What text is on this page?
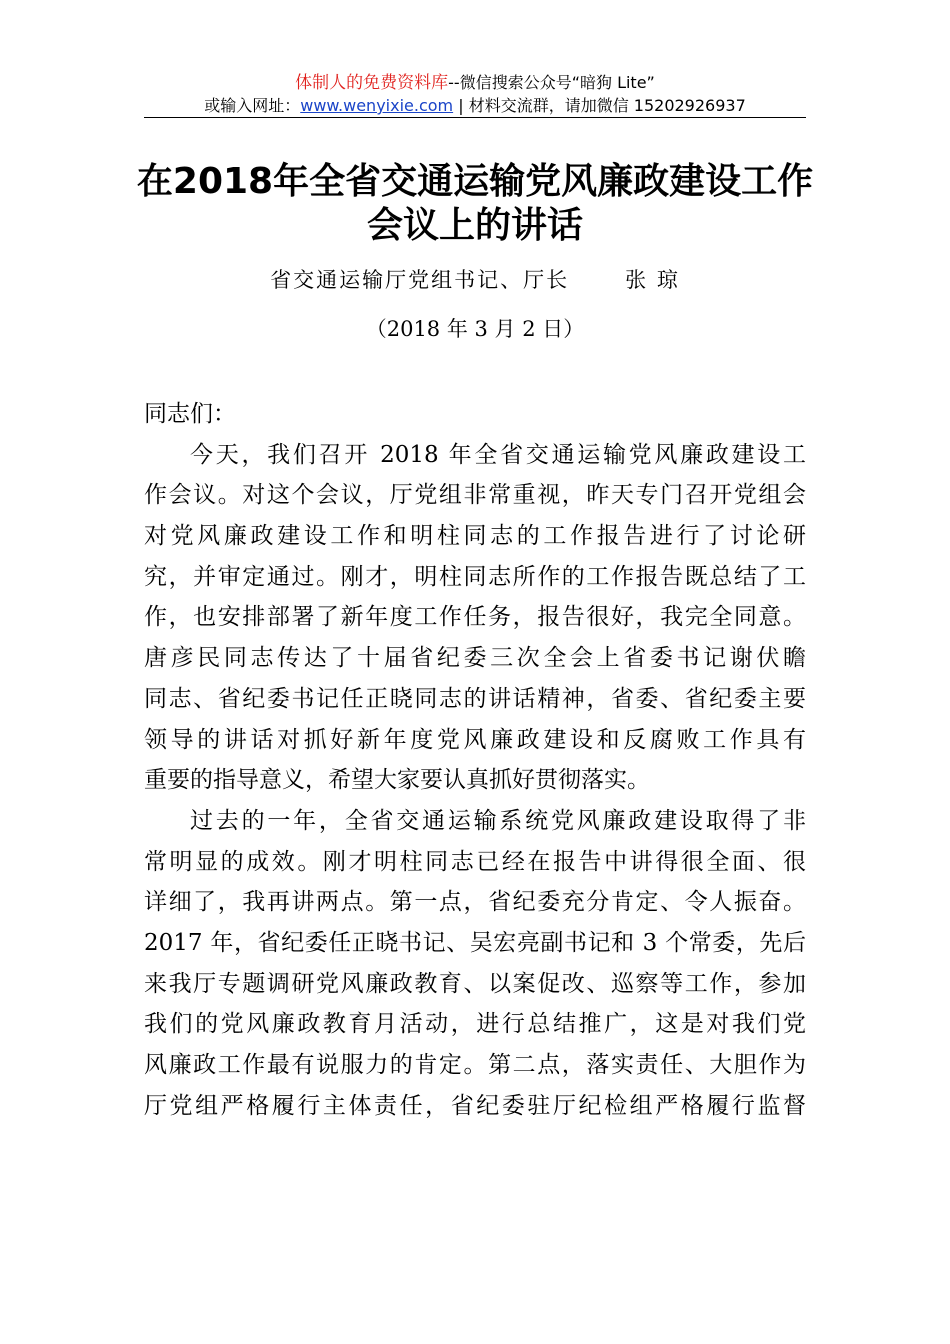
体制人的免费资料库--微信搜索公众号“暗狗 Lite”
或输入网址：www.wenyixie.com | 材料交流群，请加微信 15202926937
在2018年全省交通运输党风廉政建设工作
会议上的讲话
省交通运输厅党组书记、厅长	张 琼
（2018 年 3 月 2 日）
同志们：
今天，我们召开 2018 年全省交通运输党风廉政建设工
作会议。对这个会议，厅党组非常重视，昨天专门召开党组会
对党风廉政建设工作和明柱同志的工作报告进行了讨论研
究，并审定通过。刚才，明柱同志所作的工作报告既总结了工
作，也安排部署了新年度工作任务，报告很好，我完全同意。
唐彦民同志传达了十届省纪委三次全会上省委书记谢伏瞻
同志、省纪委书记任正晓同志的讲话精神，省委、省纪委主要
领导的讲话对抓好新年度党风廉政建设和反腐败工作具有
重要的指导意义，希望大家要认真抓好贯彻落实。
过去的一年，全省交通运输系统党风廉政建设取得了非
常明显的成效。刚才明柱同志已经在报告中讲得很全面、很
详细了，我再讲两点。第一点，省纪委充分肯定、令人振奋。
2017 年，省纪委任正晓书记、吴宏亮副书记和 3 个常委，先后
来我厅专题调研党风廉政教育、以案促改、巡察等工作，参加
我们的党风廉政教育月活动，进行总结推广，这是对我们党
风廉政工作最有说服力的肯定。第二点，落实责任、大胆作为
厅党组严格履行主体责任，省纪委驻厅纪检组严格履行监督
